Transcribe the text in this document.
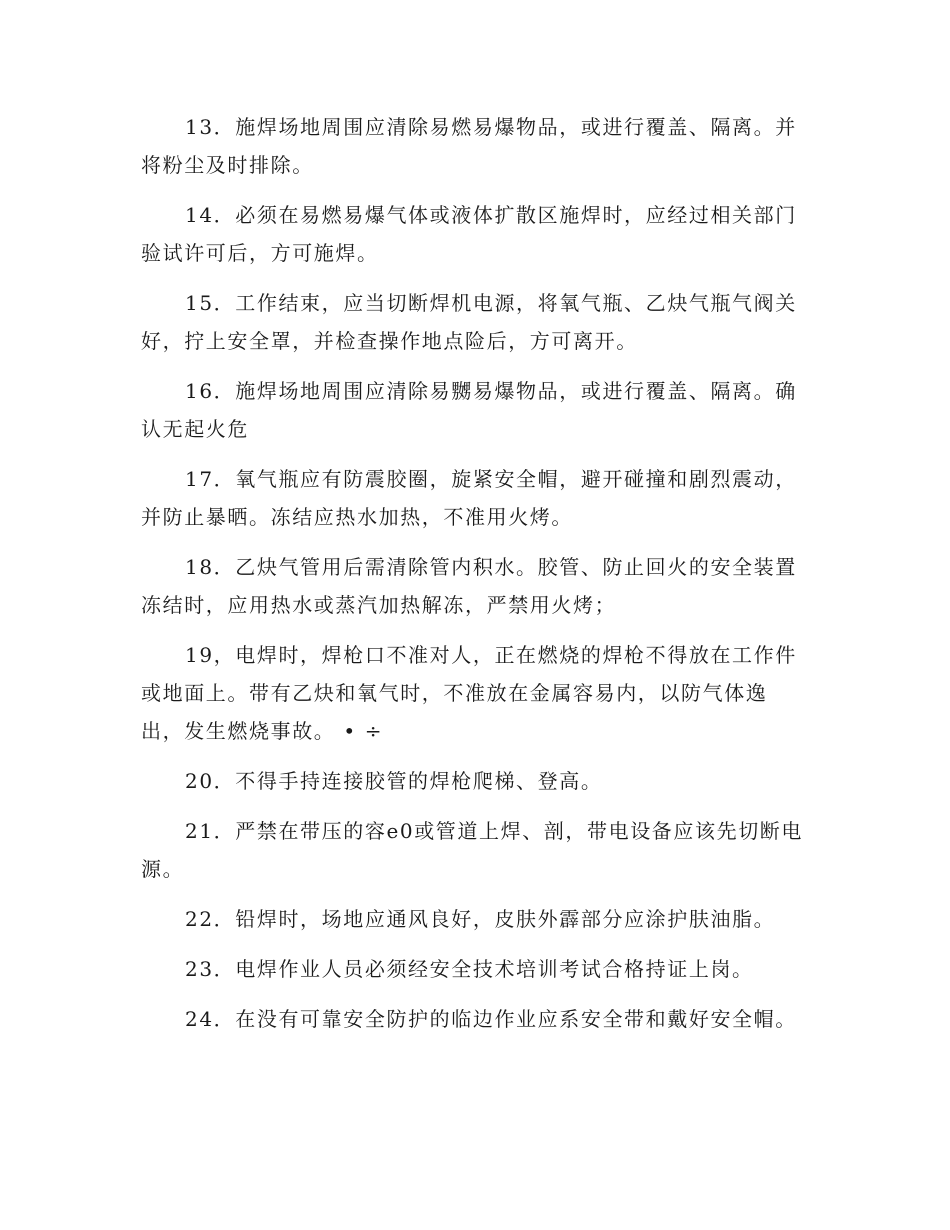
13．施焊场地周围应清除易燃易爆物品，或进行覆盖、隔离。并
将粉尘及时排除。

14．必须在易燃易爆气体或液体扩散区施焊时，应经过相关部门
验试许可后，方可施焊。

15．工作结束，应当切断焊机电源，将氧气瓶、乙炔气瓶气阀关
好，拧上安全罩，并检查操作地点险后，方可离开。

16．施焊场地周围应清除易嬲易爆物品，或进行覆盖、隔离。确
认无起火危

17．氧气瓶应有防震胶圈，旋紧安全帽，避开碰撞和剧烈震动，
并防止暴晒。冻结应热水加热，不准用火烤。

18．乙炔气管用后需清除管内积水。胶管、防止回火的安全装置
冻结时，应用热水或蒸汽加热解冻，严禁用火烤；

19，电焊时，焊枪口不准对人，正在燃烧的焊枪不得放在工作件
或地面上。带有乙炔和氧气时，不准放在金属容易内，以防气体逸
出，发生燃烧事故。 • ÷

20．不得手持连接胶管的焊枪爬梯、登高。

21．严禁在带压的容e0或管道上焊、剖，带电设备应该先切断电
源。

22．铅焊时，场地应通风良好，皮肤外霹部分应涂护肤油脂。

23．电焊作业人员必须经安全技术培训考试合格持证上岗。

24．在没有可靠安全防护的临边作业应系安全带和戴好安全帽。
